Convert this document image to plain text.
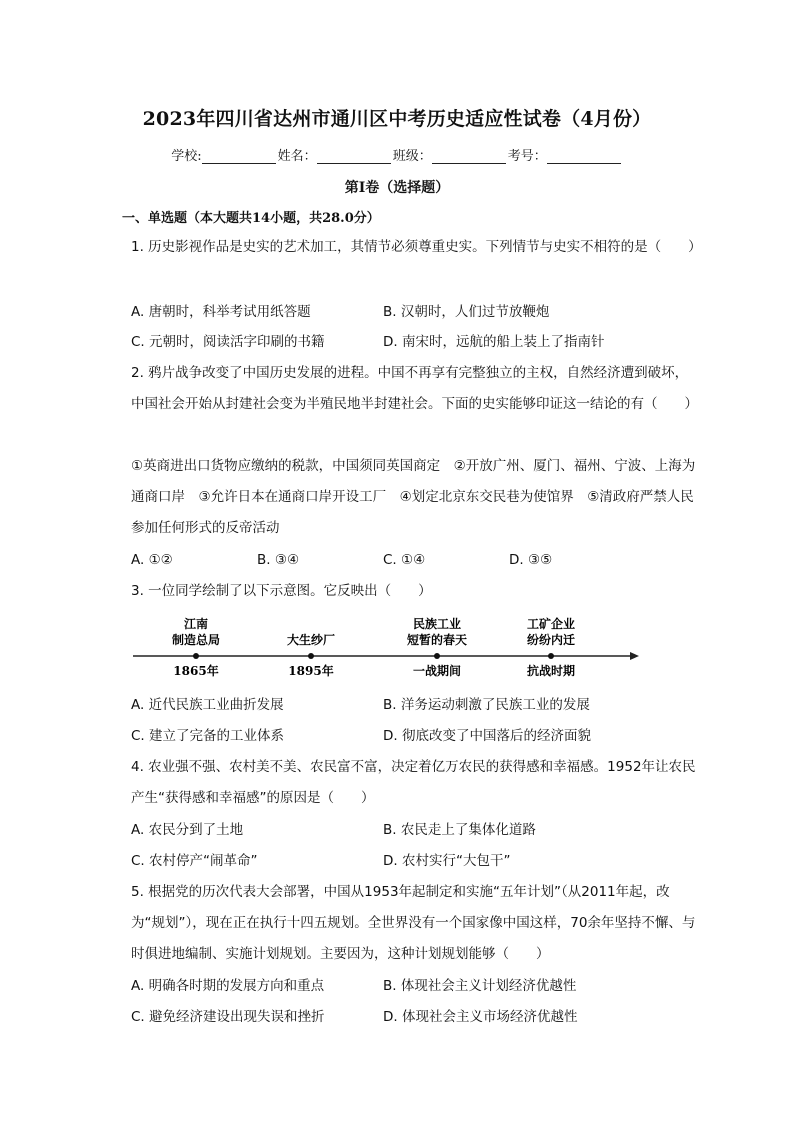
2023年四川省达州市通川区中考历史适应性试卷（4月份）
学校:	姓名：	班级：	考号：
第I卷（选择题）
一、单选题（本大题共14小题，共28.0分）
1. 历史影视作品是史实的艺术加工，其情节必须尊重史实。下列情节与史实不相符的是（　　）
A. 唐朝时，科举考试用纸答题	B. 汉朝时，人们过节放鞭炮
C. 元朝时，阅读活字印刷的书籍	D. 南宋时，远航的船上装上了指南针
2. 鸦片战争改变了中国历史发展的进程。中国不再享有完整独立的主权，自然经济遭到破坏，中国社会开始从封建社会变为半殖民地半封建社会。下面的史实能够印证这一结论的有（　　）
①英商进出口货物应缴纳的税款，中国须同英国商定　②开放广州、厦门、福州、宁波、上海为通商口岸　③允许日本在通商口岸开设工厂　④划定北京东交民巷为使馆界　⑤清政府严禁人民参加任何形式的反帝活动
A. ①②	B. ③④	C. ①④	D. ③⑤
3. 一位同学绘制了以下示意图。它反映出（　　）
江南
制造总局
1865年
大生纱厂
1895年
民族工业
短暂的春天
一战期间
工矿企业
纷纷内迁
抗战时期
A. 近代民族工业曲折发展	B. 洋务运动刺激了民族工业的发展
C. 建立了完备的工业体系	D. 彻底改变了中国落后的经济面貌
4. 农业强不强、农村美不美、农民富不富，决定着亿万农民的获得感和幸福感。1952年让农民产生“获得感和幸福感”的原因是（　　）
A. 农民分到了土地	B. 农民走上了集体化道路
C. 农村停产“闹革命”	D. 农村实行“大包干”
5. 根据党的历次代表大会部署，中国从1953年起制定和实施“五年计划”（从2011年起，改为“规划”），现在正在执行十四五规划。全世界没有一个国家像中国这样，70余年坚持不懈、与时俱进地编制、实施计划规划。主要因为，这种计划规划能够（　　）
A. 明确各时期的发展方向和重点	B. 体现社会主义计划经济优越性
C. 避免经济建设出现失误和挫折	D. 体现社会主义市场经济优越性
